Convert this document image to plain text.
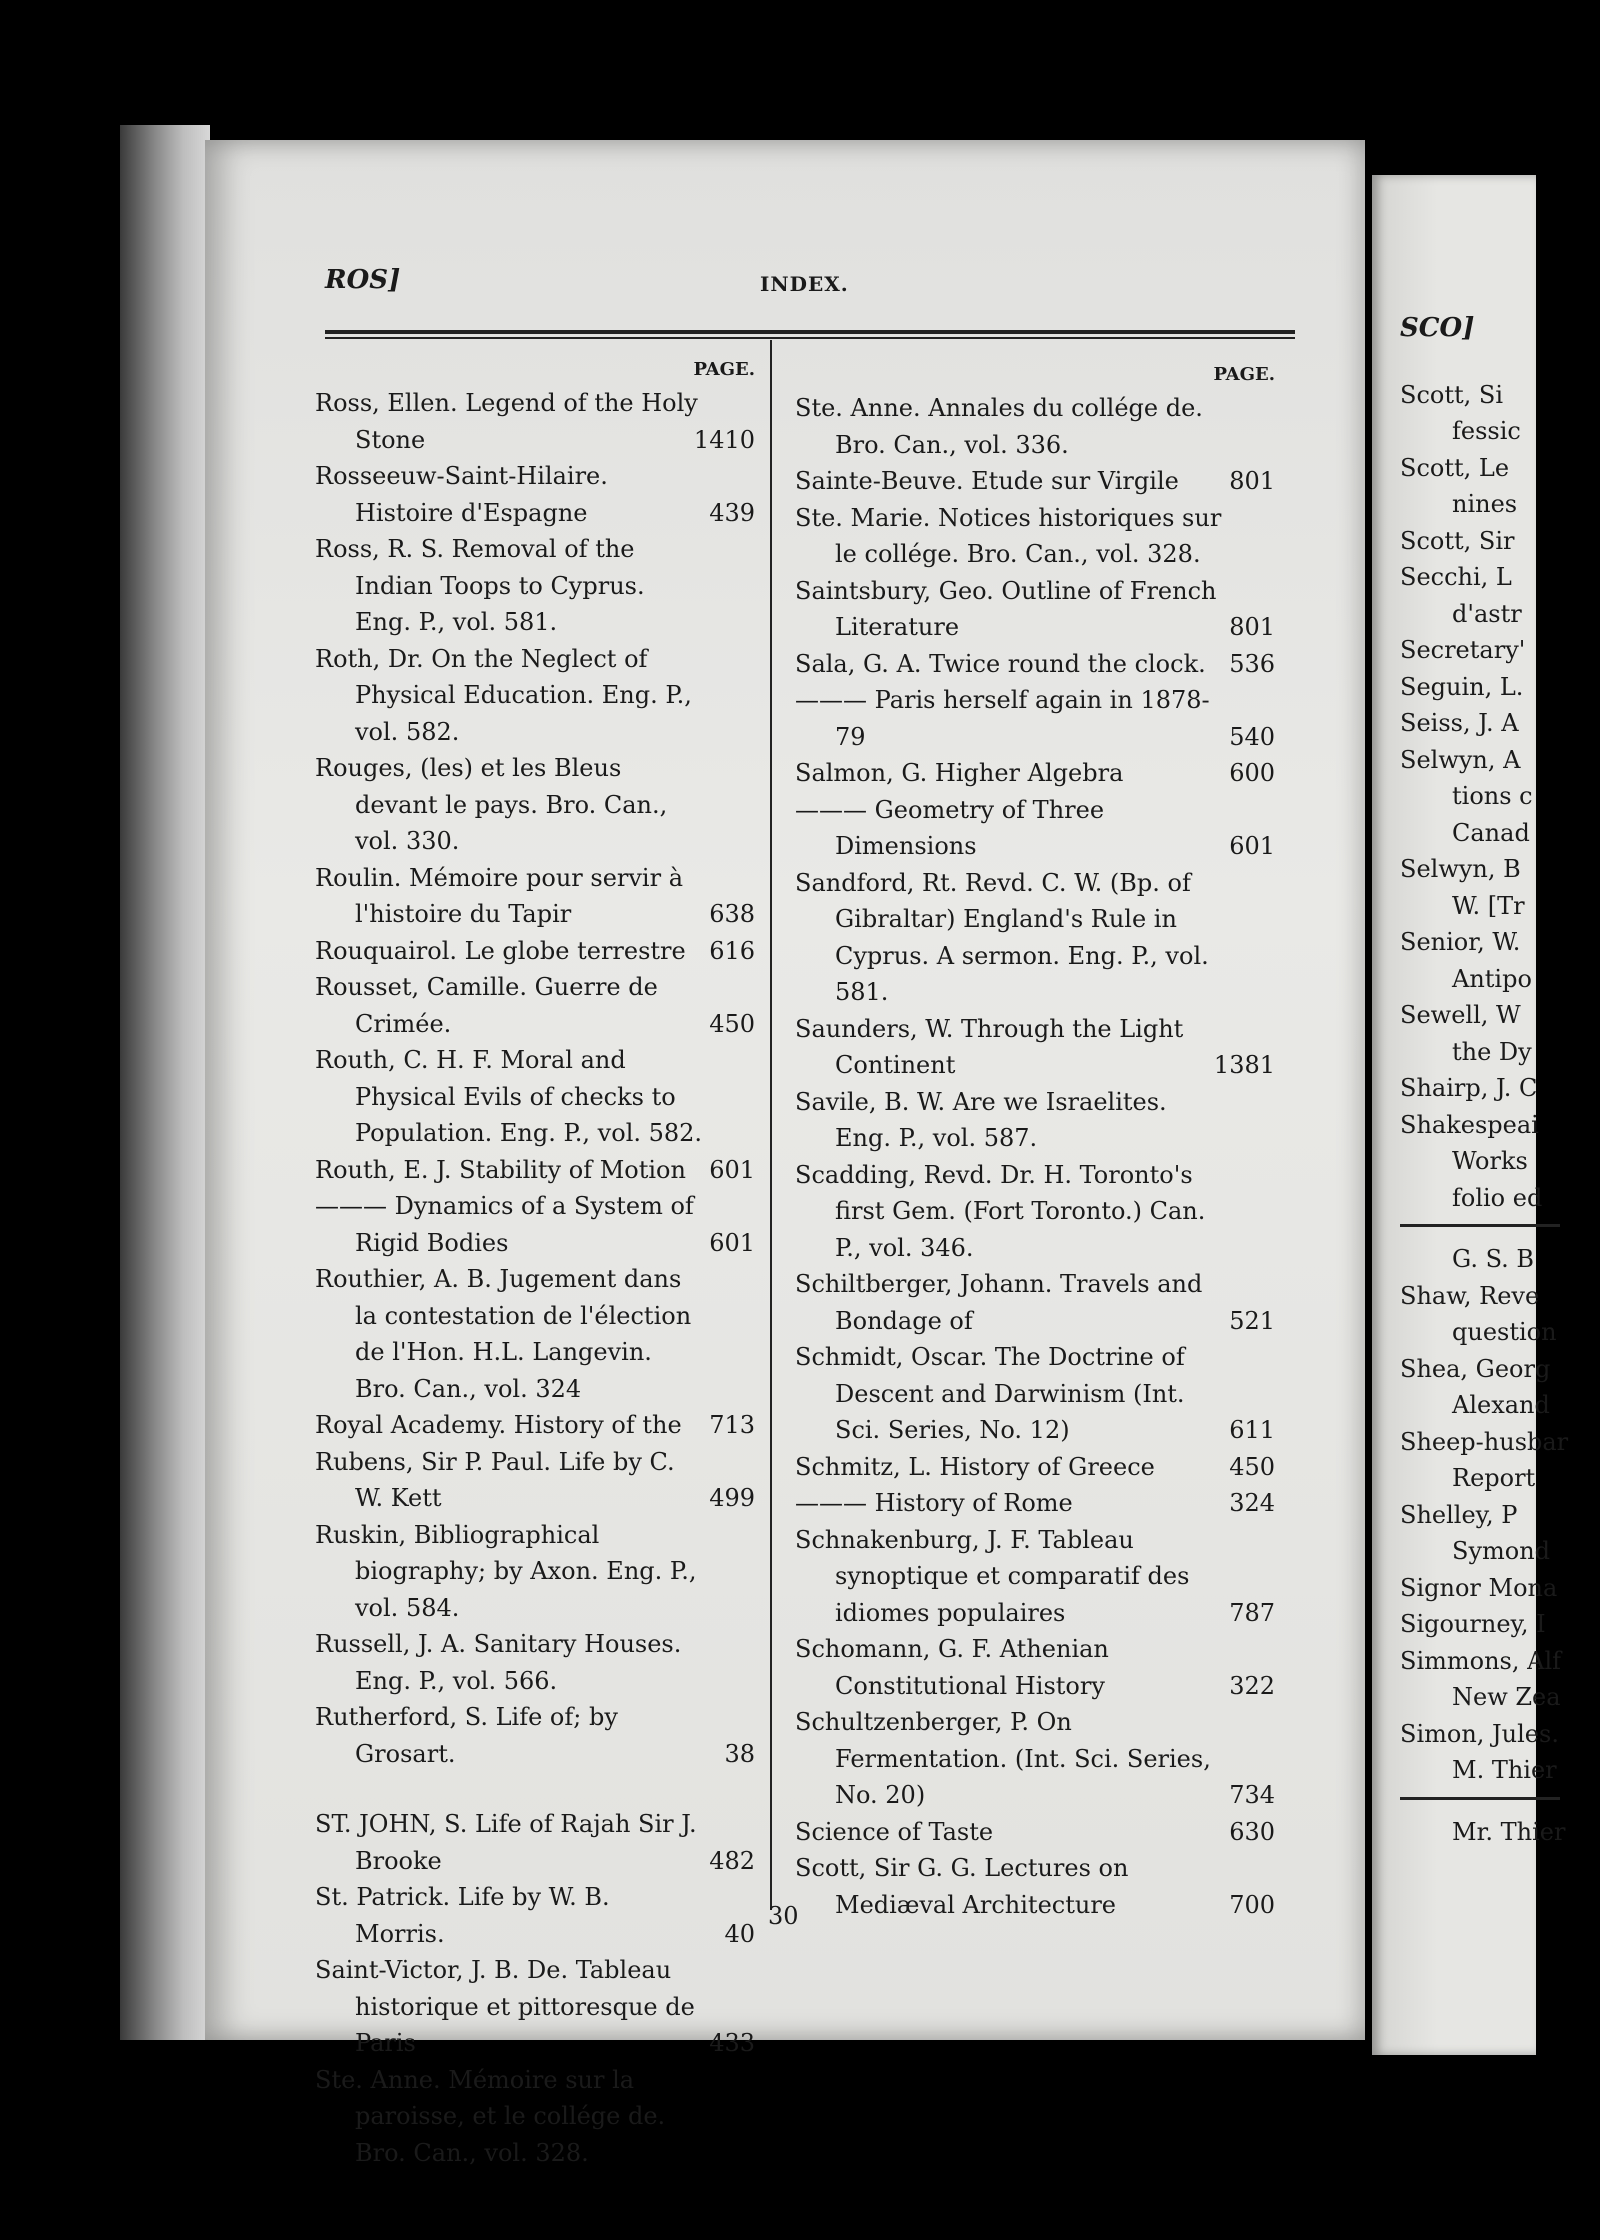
ROS]	INDEX.
PAGE.
Ross, Ellen. Legend of the Holy Stone	1410
Rosseeuw-Saint-Hilaire. Histoire d'Espagne	439
Ross, R. S. Removal of the Indian Toops to Cyprus. Eng. P., vol. 581.
Roth, Dr. On the Neglect of Physical Education. Eng. P., vol. 582.
Rouges, (les) et les Bleus devant le pays. Bro. Can., vol. 330.
Roulin. Mémoire pour servir à l'histoire du Tapir	638
Rouquairol. Le globe terrestre 616
Rousset, Camille. Guerre de Crimée.	450
Routh, C. H. F. Moral and Physical Evils of checks to Population. Eng. P., vol. 582.
Routh, E. J. Stability of Motion 601
——— Dynamics of a System of Rigid Bodies	601
Routhier, A. B. Jugement dans la contestation de l'élection de l'Hon. H.L. Langevin. Bro. Can., vol. 324
Royal Academy. History of the 713
Rubens, Sir P. Paul. Life by C. W. Kett	499
Ruskin, Bibliographical biography; by Axon. Eng. P., vol. 584.
Russell, J. A. Sanitary Houses. Eng. P., vol. 566.
Rutherford, S. Life of; by Grosart.	38
ST. JOHN, S. Life of Rajah Sir J. Brooke	482
St. Patrick. Life by W. B. Morris.	40
Saint-Victor, J. B. De. Tableau historique et pittoresque de Paris	433
Ste. Anne. Mémoire sur la paroisse, et le collége de. Bro. Can., vol. 328.
PAGE.
Ste. Anne. Annales du collége de. Bro. Can., vol. 336.
Sainte-Beuve. Etude sur Virgile 801
Ste. Marie. Notices historiques sur le collége. Bro. Can., vol. 328.
Saintsbury, Geo. Outline of French Literature	801
Sala, G. A. Twice round the clock. 536
——— Paris herself again in 1878-79	540
Salmon, G. Higher Algebra	600
——— Geometry of Three Dimensions	601
Sandford, Rt. Revd. C. W. (Bp. of Gibraltar) England's Rule in Cyprus. A sermon. Eng. P., vol. 581.
Saunders, W. Through the Light Continent	1381
Savile, B. W. Are we Israelites. Eng. P., vol. 587.
Scadding, Revd. Dr. H. Toronto's first Gem. (Fort Toronto.) Can. P., vol. 346.
Schiltberger, Johann. Travels and Bondage of	521
Schmidt, Oscar. The Doctrine of Descent and Darwinism (Int. Sci. Series, No. 12)	611
Schmitz, L. History of Greece	450
——— History of Rome	324
Schnakenburg, J. F. Tableau synoptique et comparatif des idiomes populaires	787
Schomann, G. F. Athenian Constitutional History	322
Schultzenberger, P. On Fermentation. (Int. Sci. Series, No. 20)	734
Science of Taste	630
Scott, Sir G. G. Lectures on Mediæval Architecture	700
30
SCO]
Scott, Si
fessic
Scott, Le
nines
Scott, Sir
Secchi, L
d'astr
Secretary'
Seguin, L.
Seiss, J. A
Selwyn, A
tions c
Canad
Selwyn, B
W. [Tr
Senior, W.
Antipo
Sewell, W
the Dy
Shairp, J. C
Shakespeai
Works
folio ed
G. S. B
Shaw, Reve
question
Shea, Georg
Alexand
Sheep-husbar
Report
Shelley, P
Symond
Signor Mona
Sigourney, I
Simmons, Alf
New Zea
Simon, Jules.
M. Thier
Mr. Thier
